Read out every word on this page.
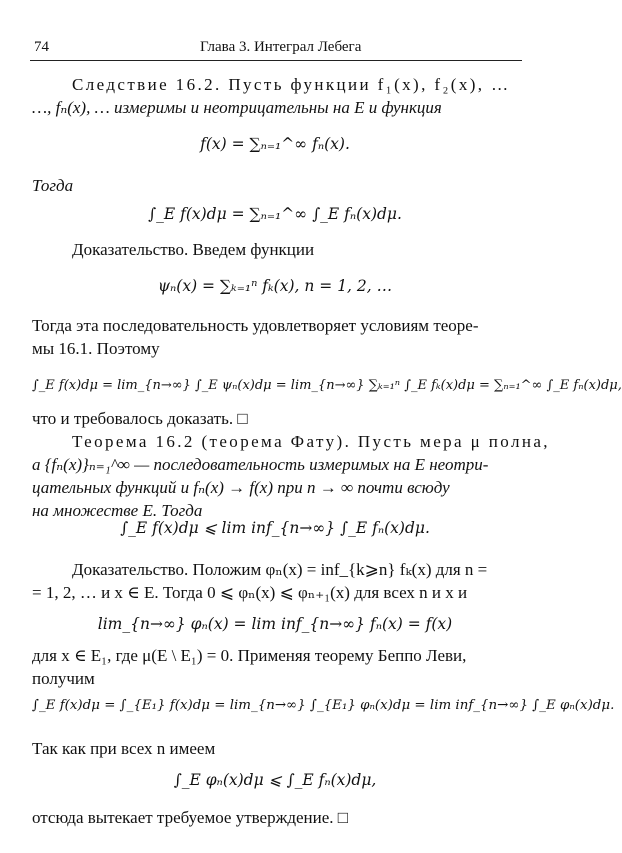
74	Глава 3. Интеграл Лебега
Следствие 16.2. Пусть функции f₁(x), f₂(x), …
…, fₙ(x), … измеримы и неотрицательны на E и функция
f(x) = ∑ₙ₌₁^∞ fₙ(x).
Тогда
∫_E f(x)dμ = ∑ₙ₌₁^∞ ∫_E fₙ(x)dμ.
Доказательство. Введем функции
ψₙ(x) = ∑ₖ₌₁ⁿ fₖ(x), n = 1, 2, …
Тогда эта последовательность удовлетворяет условиям теоре-
мы 16.1. Поэтому
∫_E f(x)dμ = lim_{n→∞} ∫_E ψₙ(x)dμ = lim_{n→∞} ∑ₖ₌₁ⁿ ∫_E fₖ(x)dμ = ∑ₙ₌₁^∞ ∫_E fₙ(x)dμ,
что и требовалось доказать. □
Теорема 16.2 (теорема Фату). Пусть мера μ полна,
а {fₙ(x)}ₙ₌₁^∞ — последовательность измеримых на E неотри-
цательных функций и fₙ(x) → f(x) при n → ∞ почти всюду
на множестве E. Тогда
∫_E f(x)dμ ⩽ lim inf_{n→∞} ∫_E fₙ(x)dμ.
Доказательство. Положим φₙ(x) = inf_{k⩾n} fₖ(x) для n =
= 1, 2, … и x ∈ E. Тогда 0 ⩽ φₙ(x) ⩽ φₙ₊₁(x) для всех n и x и
lim_{n→∞} φₙ(x) = lim inf_{n→∞} fₙ(x) = f(x)
для x ∈ E₁, где μ(E \ E₁) = 0. Применяя теорему Беппо Леви,
получим
∫_E f(x)dμ = ∫_{E₁} f(x)dμ = lim_{n→∞} ∫_{E₁} φₙ(x)dμ = lim inf_{n→∞} ∫_E φₙ(x)dμ.
Так как при всех n имеем
∫_E φₙ(x)dμ ⩽ ∫_E fₙ(x)dμ,
отсюда вытекает требуемое утверждение. □
